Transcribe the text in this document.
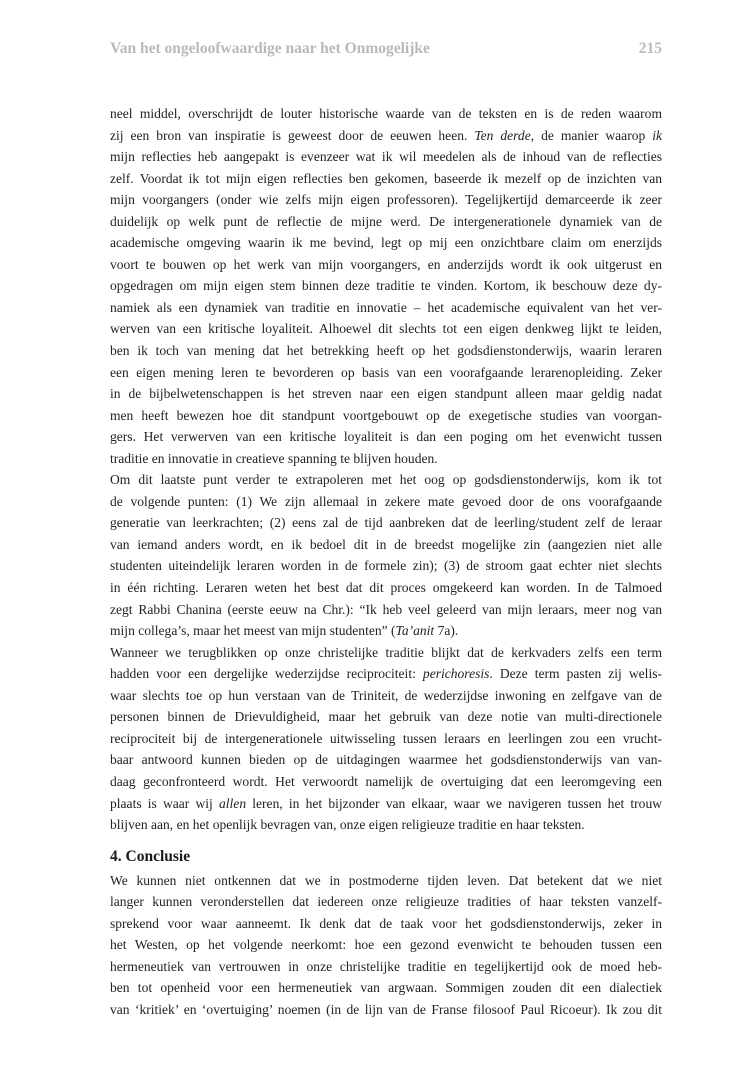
Van het ongeloofwaardige naar het Onmogelijke	215

neel middel, overschrijdt de louter historische waarde van de teksten en is de reden waarom
zij een bron van inspiratie is geweest door de eeuwen heen. Ten derde, de manier waarop ik
mijn reflecties heb aangepakt is evenzeer wat ik wil meedelen als de inhoud van de reflecties
zelf. Voordat ik tot mijn eigen reflecties ben gekomen, baseerde ik mezelf op de inzichten van
mijn voorgangers (onder wie zelfs mijn eigen professoren). Tegelijkertijd demarceerde ik zeer
duidelijk op welk punt de reflectie de mijne werd. De intergenerationele dynamiek van de
academische omgeving waarin ik me bevind, legt op mij een onzichtbare claim om enerzijds
voort te bouwen op het werk van mijn voorgangers, en anderzijds wordt ik ook uitgerust en
opgedragen om mijn eigen stem binnen deze traditie te vinden. Kortom, ik beschouw deze dy-
namiek als een dynamiek van traditie en innovatie – het academische equivalent van het ver-
werven van een kritische loyaliteit. Alhoewel dit slechts tot een eigen denkweg lijkt te leiden,
ben ik toch van mening dat het betrekking heeft op het godsdienstonderwijs, waarin leraren
een eigen mening leren te bevorderen op basis van een voorafgaande lerarenopleiding. Zeker
in de bijbelwetenschappen is het streven naar een eigen standpunt alleen maar geldig nadat
men heeft bewezen hoe dit standpunt voortgebouwt op de exegetische studies van voorgan-
gers. Het verwerven van een kritische loyaliteit is dan een poging om het evenwicht tussen

traditie en innovatie in creatieve spanning te blijven houden.

Om dit laatste punt verder te extrapoleren met het oog op godsdienstonderwijs, kom ik tot
de volgende punten: (1) We zijn allemaal in zekere mate gevoed door de ons voorafgaande
generatie van leerkrachten; (2) eens zal de tijd aanbreken dat de leerling/student zelf de leraar
van iemand anders wordt, en ik bedoel dit in de breedst mogelijke zin (aangezien niet alle
studenten uiteindelijk leraren worden in de formele zin); (3) de stroom gaat echter niet slechts
in één richting. Leraren weten het best dat dit proces omgekeerd kan worden. In de Talmoed
zegt Rabbi Chanina (eerste eeuw na Chr.): “Ik heb veel geleerd van mijn leraars, meer nog van

mijn collega’s, maar het meest van mijn studenten” (Ta’anit 7a).

Wanneer we terugblikken op onze christelijke traditie blijkt dat de kerkvaders zelfs een term
hadden voor een dergelijke wederzijdse reciprociteit: perichoresis. Deze term pasten zij welis-
waar slechts toe op hun verstaan van de Triniteit, de wederzijdse inwoning en zelfgave van de
personen binnen de Drievuldigheid, maar het gebruik van deze notie van multi-directionele
reciprociteit bij de intergenerationele uitwisseling tussen leraars en leerlingen zou een vrucht-
baar antwoord kunnen bieden op de uitdagingen waarmee het godsdienstonderwijs van van-
daag geconfronteerd wordt. Het verwoordt namelijk de overtuiging dat een leeromgeving een
plaats is waar wij allen leren, in het bijzonder van elkaar, waar we navigeren tussen het trouw

blijven aan, en het openlijk bevragen van, onze eigen religieuze traditie en haar teksten.

4. Conclusie

We kunnen niet ontkennen dat we in postmoderne tijden leven. Dat betekent dat we niet
langer kunnen veronderstellen dat iedereen onze religieuze tradities of haar teksten vanzelf-
sprekend voor waar aanneemt. Ik denk dat de taak voor het godsdienstonderwijs, zeker in
het Westen, op het volgende neerkomt: hoe een gezond evenwicht te behouden tussen een
hermeneutiek van vertrouwen in onze christelijke traditie en tegelijkertijd ook de moed heb-
ben tot openheid voor een hermeneutiek van argwaan. Sommigen zouden dit een dialectiek
van ‘kritiek’ en ‘overtuiging’ noemen (in de lijn van de Franse filosoof Paul Ricoeur). Ik zou dit
